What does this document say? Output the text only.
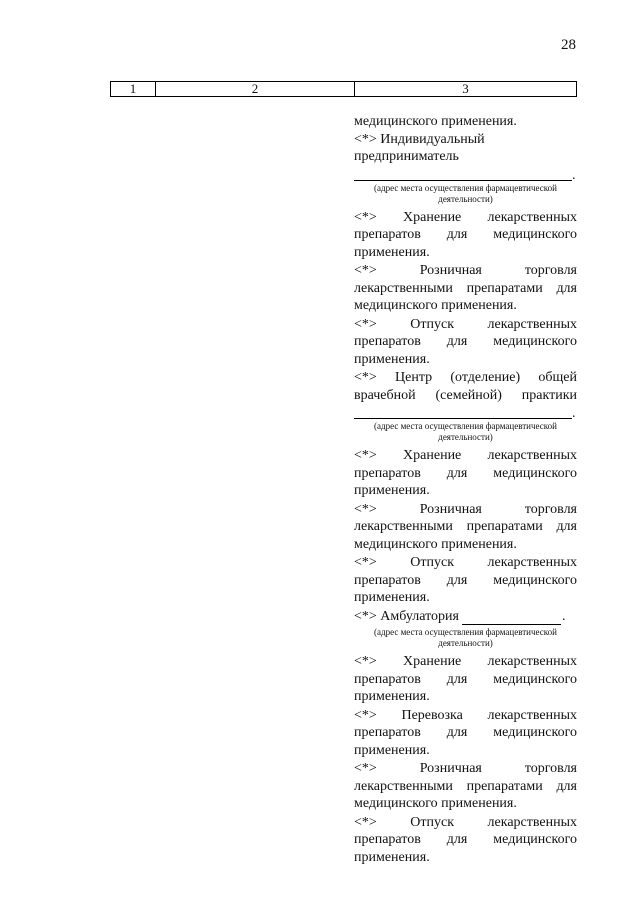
28
1	2	3
медицинского применения.
<*> Индивидуальный
предприниматель
.
(адрес места осуществления фармацевтической
деятельности)
<*> Хранение лекарственных
препаратов для медицинского
применения.
<*> Розничная торговля
лекарственными препаратами для
медицинского применения.
<*> Отпуск лекарственных
препаратов для медицинского
применения.
<*> Центр (отделение) общей
врачебной (семейной) практики
.
(адрес места осуществления фармацевтической
деятельности)
<*> Хранение лекарственных
препаратов для медицинского
применения.
<*> Розничная торговля
лекарственными препаратами для
медицинского применения.
<*> Отпуск лекарственных
препаратов для медицинского
применения.
<*> Амбулатория	.
(адрес места осуществления фармацевтической
деятельности)
<*> Хранение лекарственных
препаратов для медицинского
применения.
<*> Перевозка лекарственных
препаратов для медицинского
применения.
<*> Розничная торговля
лекарственными препаратами для
медицинского применения.
<*> Отпуск лекарственных
препаратов для медицинского
применения.
